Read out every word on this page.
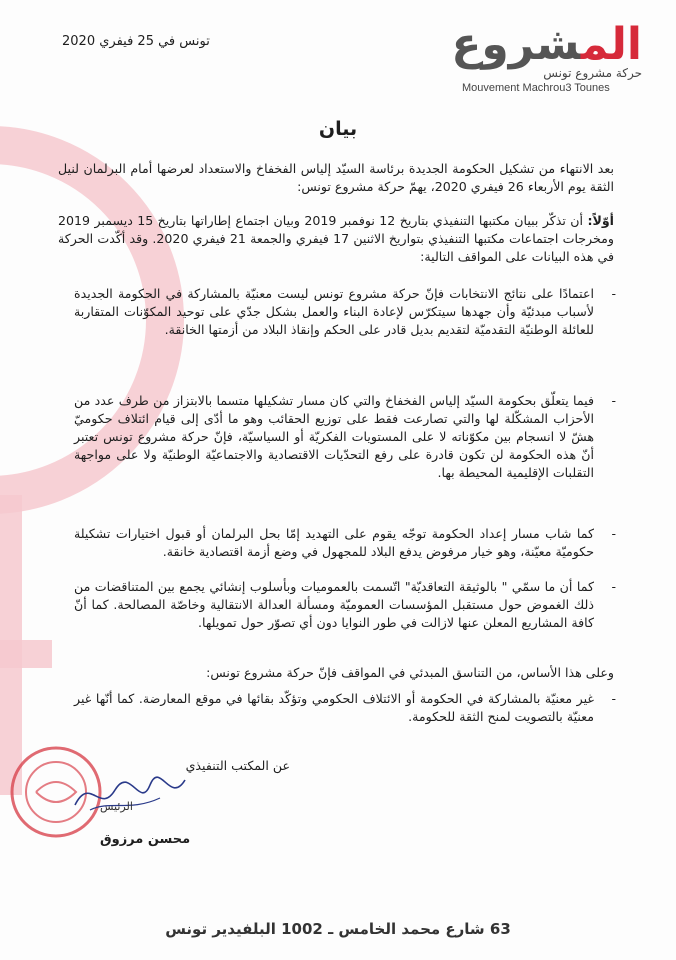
المشروع
حركة مشروع تونس
Mouvement Machrou3 Tounes
تونس في 25 فيفري 2020
بيان
بعد الانتهاء من تشكيل الحكومة الجديدة برئاسة السيّد إلياس الفخفاخ والاستعداد لعرضها أمام البرلمان لنيل الثقة يوم الأربعاء 26 فيفري 2020، يهمّ حركة مشروع تونس:
أوّلاً: أن تذكّر ببيان مكتبها التنفيذي بتاريخ 12 نوفمبر 2019 وبيان اجتماع إطاراتها بتاريخ 15 ديسمبر 2019 ومخرجات اجتماعات مكتبها التنفيذي بتواريخ الاثنين 17 فيفري والجمعة 21 فيفري 2020. وقد أكّدت الحركة في هذه البيانات على المواقف التالية:
-
اعتمادًا على نتائج الانتخابات فإنّ حركة مشروع تونس ليست معنيّة بالمشاركة في الحكومة الجديدة لأسباب مبدئيّة وأن جهدها سيتكرّس لإعادة البناء والعمل بشكل جدّي على توحيد المكوّنات المتقاربة للعائلة الوطنيّة التقدميّة لتقديم بديل قادر على الحكم وإنقاذ البلاد من أزمتها الخانقة.
-
فيما يتعلّق بحكومة السيّد إلياس الفخفاخ والتي كان مسار تشكيلها متسما بالابتزاز من طرف عدد من الأحزاب المشكّلة لها والتي تصارعت فقط على توزيع الحقائب وهو ما أدّى إلى قيام ائتلاف حكوميّ هشّ لا انسجام بين مكوّناته لا على المستويات الفكريّة أو السياسيّة، فإنّ حركة مشروع تونس تعتبر أنّ هذه الحكومة لن تكون قادرة على رفع التحدّيات الاقتصادية والاجتماعيّة الوطنيّة ولا على مواجهة التقلبات الإقليمية المحيطة بها.
-
كما شاب مسار إعداد الحكومة توجّه يقوم على التهديد إمّا بحل البرلمان أو قبول اختيارات تشكيلة حكوميّة معيّنة، وهو خيار مرفوض يدفع البلاد للمجهول في وضع أزمة اقتصادية خانقة.
-
كما أن ما سمّي " بالوثيقة التعاقديّة" اتّسمت بالعموميات وبأسلوب إنشائي يجمع بين المتناقضات من ذلك الغموض حول مستقبل المؤسسات العموميّة ومسألة العدالة الانتقالية وخاصّة المصالحة. كما أنّ كافة المشاريع المعلن عنها لازالت في طور النوايا دون أي تصوّر حول تمويلها.
وعلى هذا الأساس، من التناسق المبدئي في المواقف فإنّ حركة مشروع تونس:
-
غير معنيّة بالمشاركة في الحكومة أو الائتلاف الحكومي وتؤكّد بقائها في موقع المعارضة. كما أنّها غير معنيّة بالتصويت لمنح الثقة للحكومة.
عن المكتب التنفيذي
الرئيس
محسن مرزوق
63 شارع محمد الخامس ـ 1002 البلفيدير تونس
